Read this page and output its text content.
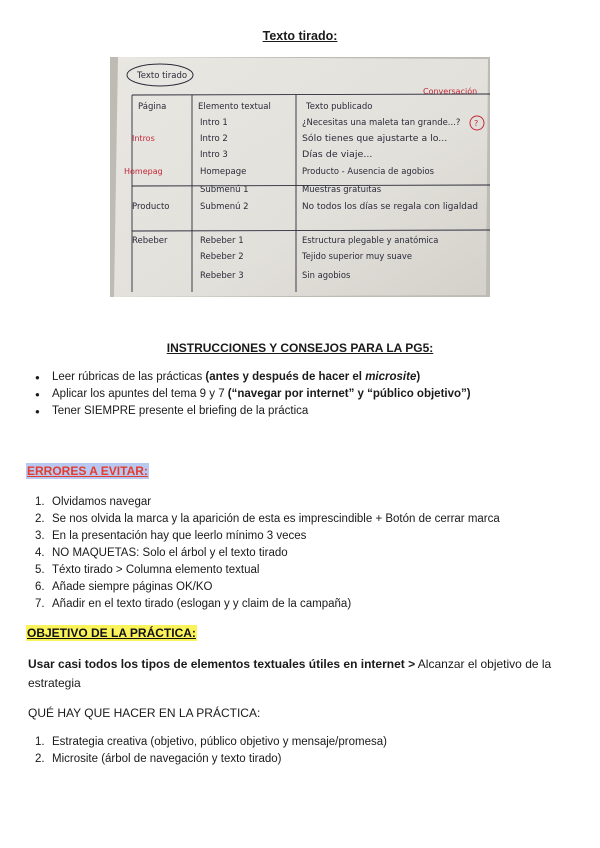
Texto tirado:
Texto tirado
Conversación
?
Página	Elemento textual	Texto publicado
Intros
Intro 1	¿Necesitas una maleta tan grande...?
Intro 2	Sólo tienes que ajustarte a lo...
Intro 3	Días de viaje...
Homepag	Homepage	Producto - Ausencia de agobios
Producto
Submenú 1	Muestras gratuitas
Submenú 2	No todos los días se regala con ligaldad
Rebeber	Rebeber 1	Estructura plegable y anatómica
Rebeber 2	Tejido superior muy suave
Rebeber 3	Sin agobios
INSTRUCCIONES Y CONSEJOS PARA LA PG5:
● Leer rúbricas de las prácticas (antes y después de hacer el microsite)
● Aplicar los apuntes del tema 9 y 7 (“navegar por internet” y “público objetivo”)
● Tener SIEMPRE presente el briefing de la práctica
ERRORES A EVITAR:
1. Olvidamos navegar
2. Se nos olvida la marca y la aparición de esta es imprescindible + Botón de cerrar marca
3. En la presentación hay que leerlo mínimo 3 veces
4. NO MAQUETAS: Solo el árbol y el texto tirado
5. Téxto tirado > Columna elemento textual
6. Añade siempre páginas OK/KO
7. Añadir en el texto tirado (eslogan y y claim de la campaña)
OBJETIVO DE LA PRÁCTICA:
Usar casi todos los tipos de elementos textuales útiles en internet > Alcanzar el objetivo de la estrategia
QUÉ HAY QUE HACER EN LA PRÁCTICA:
1. Estrategia creativa (objetivo, público objetivo y mensaje/promesa)
2. Microsite (árbol de navegación y texto tirado)
